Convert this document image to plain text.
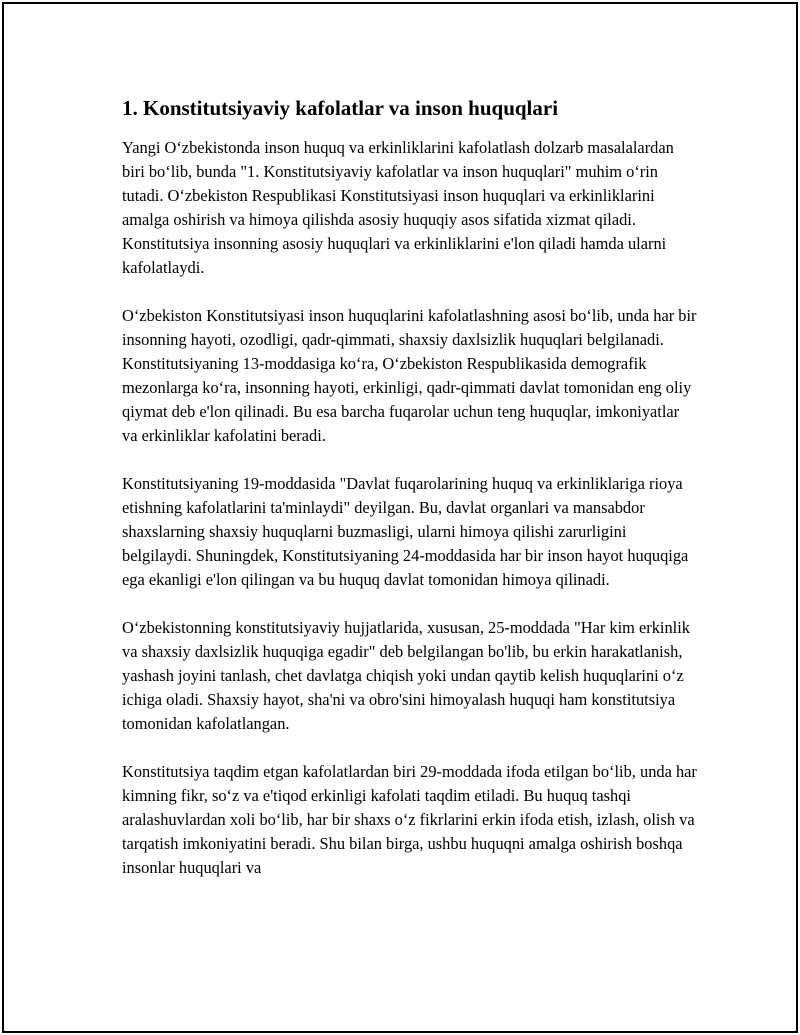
1. Konstitutsiyaviy kafolatlar va inson huquqlari

Yangi O‘zbekistonda inson huquq va erkinliklarini kafolatlash dolzarb masalalardan biri bo‘lib, bunda "1. Konstitutsiyaviy kafolatlar va inson huquqlari" muhim o‘rin tutadi. O‘zbekiston Respublikasi Konstitutsiyasi inson huquqlari va erkinliklarini amalga oshirish va himoya qilishda asosiy huquqiy asos sifatida xizmat qiladi. Konstitutsiya insonning asosiy huquqlari va erkinliklarini e'lon qiladi hamda ularni kafolatlaydi.

O‘zbekiston Konstitutsiyasi inson huquqlarini kafolatlashning asosi bo‘lib, unda har bir insonning hayoti, ozodligi, qadr-qimmati, shaxsiy daxlsizlik huquqlari belgilanadi. Konstitutsiyaning 13-moddasiga ko‘ra, O‘zbekiston Respublikasida demografik mezonlarga ko‘ra, insonning hayoti, erkinligi, qadr-qimmati davlat tomonidan eng oliy qiymat deb e'lon qilinadi. Bu esa barcha fuqarolar uchun teng huquqlar, imkoniyatlar va erkinliklar kafolatini beradi.

Konstitutsiyaning 19-moddasida "Davlat fuqarolarining huquq va erkinliklariga rioya etishning kafolatlarini ta'minlaydi" deyilgan. Bu, davlat organlari va mansabdor shaxslarning shaxsiy huquqlarni buzmasligi, ularni himoya qilishi zarurligini belgilaydi. Shuningdek, Konstitutsiyaning 24-moddasida har bir inson hayot huquqiga ega ekanligi e'lon qilingan va bu huquq davlat tomonidan himoya qilinadi.

O‘zbekistonning konstitutsiyaviy hujjatlarida, xususan, 25-moddada "Har kim erkinlik va shaxsiy daxlsizlik huquqiga egadir" deb belgilangan bo'lib, bu erkin harakatlanish, yashash joyini tanlash, chet davlatga chiqish yoki undan qaytib kelish huquqlarini o‘z ichiga oladi. Shaxsiy hayot, sha'ni va obro'sini himoyalash huquqi ham konstitutsiya tomonidan kafolatlangan.

Konstitutsiya taqdim etgan kafolatlardan biri 29-moddada ifoda etilgan bo‘lib, unda har kimning fikr, so‘z va e'tiqod erkinligi kafolati taqdim etiladi. Bu huquq tashqi aralashuvlardan xoli bo‘lib, har bir shaxs o‘z fikrlarini erkin ifoda etish, izlash, olish va tarqatish imkoniyatini beradi. Shu bilan birga, ushbu huquqni amalga oshirish boshqa insonlar huquqlari va
